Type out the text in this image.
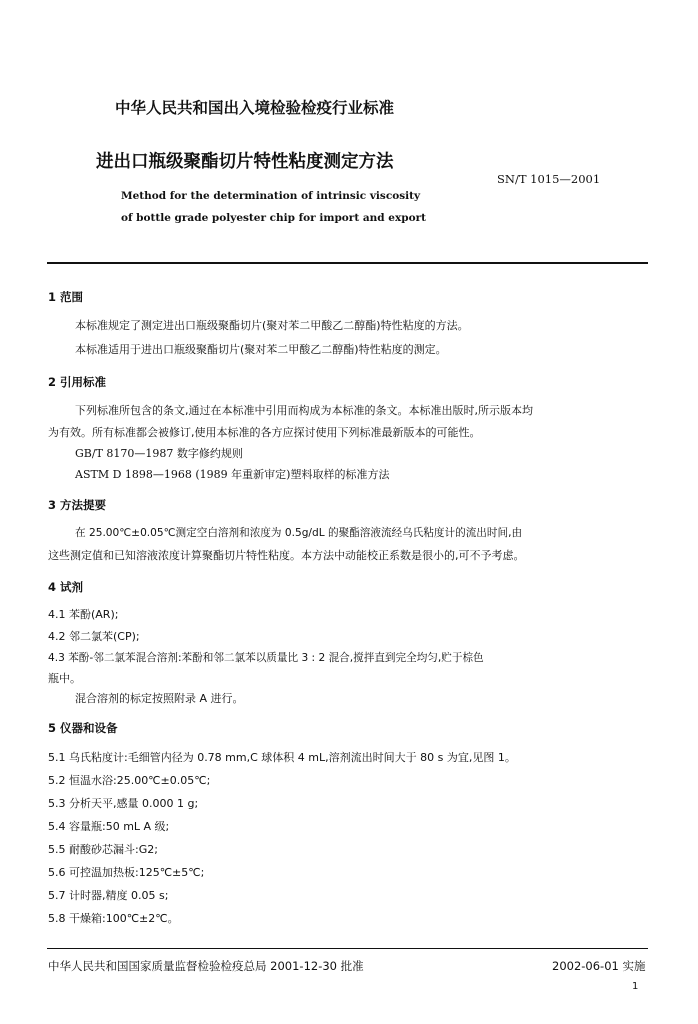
中华人民共和国出入境检验检疫行业标准
进出口瓶级聚酯切片特性粘度测定方法
SN/T 1015—2001
Method for the determination of intrinsic viscosity
of bottle grade polyester chip for import and export
1 范围
本标准规定了测定进出口瓶级聚酯切片(聚对苯二甲酸乙二醇酯)特性粘度的方法。
本标准适用于进出口瓶级聚酯切片(聚对苯二甲酸乙二醇酯)特性粘度的测定。
2 引用标准
下列标准所包含的条文,通过在本标准中引用而构成为本标准的条文。本标准出版时,所示版本均
为有效。所有标准都会被修订,使用本标准的各方应探讨使用下列标准最新版本的可能性。
GB/T 8170—1987 数字修约规则
ASTM D 1898—1968 (1989 年重新审定)塑料取样的标准方法
3 方法提要
在 25.00℃±0.05℃测定空白溶剂和浓度为 0.5g/dL 的聚酯溶液流经乌氏粘度计的流出时间,由
这些测定值和已知溶液浓度计算聚酯切片特性粘度。本方法中动能校正系数是很小的,可不予考虑。
4 试剂
4.1 苯酚(AR);
4.2 邻二氯苯(CP);
4.3 苯酚-邻二氯苯混合溶剂:苯酚和邻二氯苯以质量比 3 : 2 混合,搅拌直到完全均匀,贮于棕色
瓶中。
混合溶剂的标定按照附录 A 进行。
5 仪器和设备
5.1 乌氏粘度计:毛细管内径为 0.78 mm,C 球体积 4 mL,溶剂流出时间大于 80 s 为宜,见图 1。
5.2 恒温水浴:25.00℃±0.05℃;
5.3 分析天平,感量 0.000 1 g;
5.4 容量瓶:50 mL A 级;
5.5 耐酸砂芯漏斗:G2;
5.6 可控温加热板:125℃±5℃;
5.7 计时器,精度 0.05 s;
5.8 干燥箱:100℃±2℃。
中华人民共和国国家质量监督检验检疫总局 2001-12-30 批准	2002-06-01 实施
1
